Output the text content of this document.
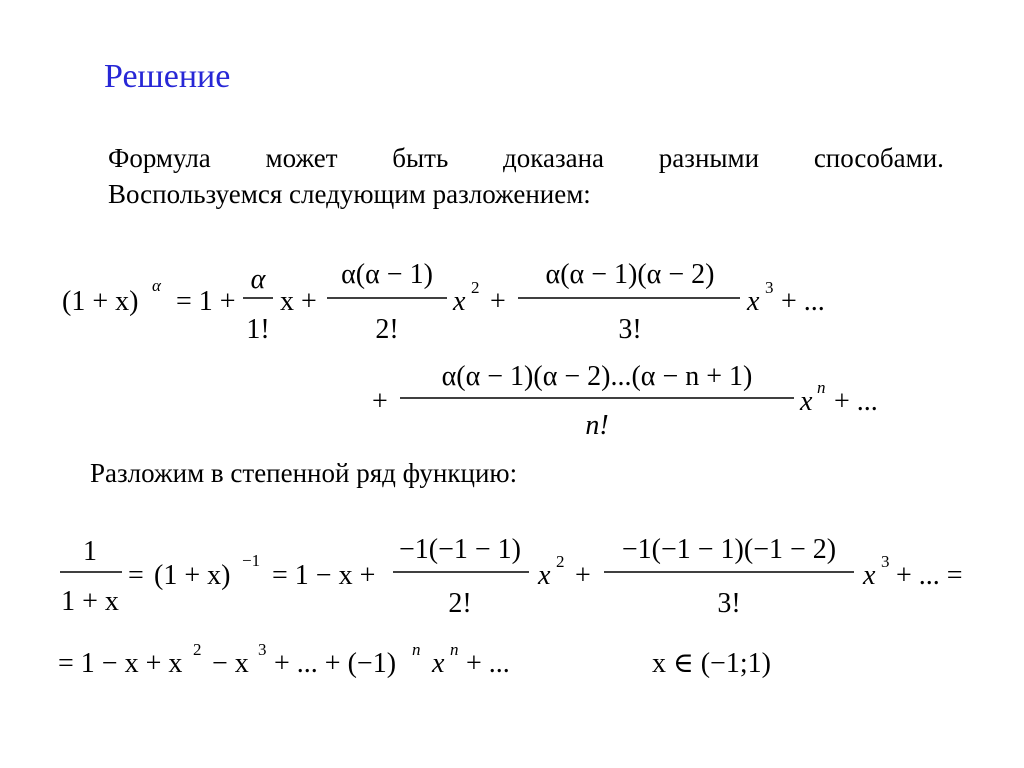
Решение
Формула может быть доказана разными способами.
Воспользуемся следующим разложением:
(1 + x)
α
= 1 +
α
1!
x +
α(α − 1)
2!
x 2 +
α(α − 1)(α − 2)
3!
x 3 + ...
+
α(α − 1)(α − 2)...(α − n + 1)
n!
x n + ...
Разложим в степенной ряд функцию:
1
1 + x
= (1 + x) −1 = 1 − x +
−1(−1 − 1)
2!
x 2 +
−1(−1 − 1)(−1 − 2)
3!
x 3 + ... =
= 1 − x + x 2 − x 3 + ... + (−1) n x n + ...	x ∈ (−1;1)
